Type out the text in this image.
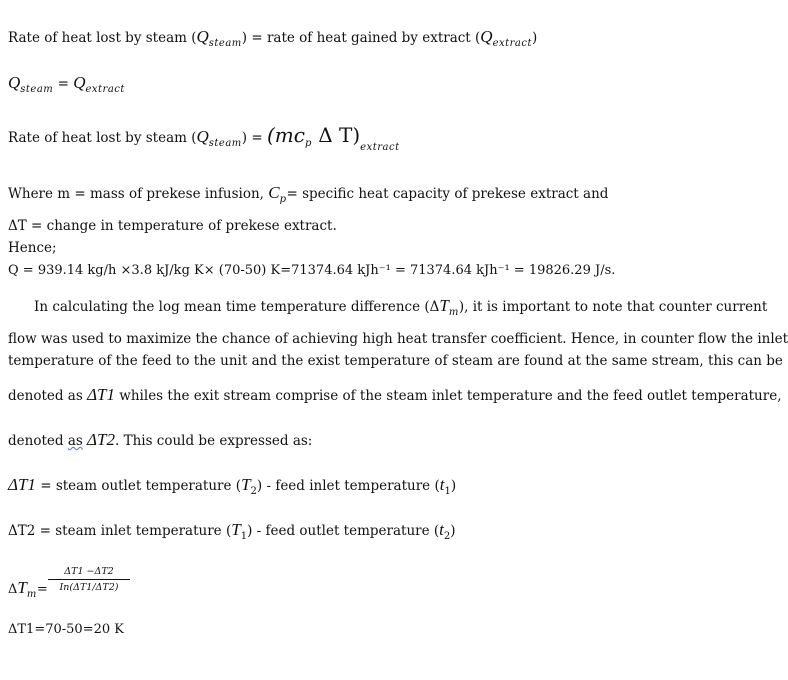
Rate of heat lost by steam $(Q_{steam})$ = rate of heat gained by extract $(Q_{extract})$
$Q_{steam} = Q_{extract}$
Rate of heat lost by steam $(Q_{steam}) = (mc_p$ Δ $T)_{extract}$
Where m = mass of prekese infusion, $C_p=$ specific heat capacity of prekese extract and
ΔT = change in temperature of prekese extract.
Hence;
Q = 939.14 kg/h ×3.8 kJ/kg K× (70-50) K=71374.64 kJh⁻¹ = 71374.64 kJh⁻¹ = 19826.29 J/s.
In calculating the log mean time temperature difference $(\Delta T_m)$, it is important to note that counter current
flow was used to maximize the chance of achieving high heat transfer coefficient. Hence, in counter flow the inlet
temperature of the feed to the unit and the exist temperature of steam are found at the same stream, this can be
denoted as ΔT1 whiles the exit stream comprise of the steam inlet temperature and the feed outlet temperature,
denoted as ΔT2. This could be expressed as:
ΔT1 = steam outlet temperature $(T_2)$ - feed inlet temperature $(t_1)$
ΔT2 = steam inlet temperature $(T_1)$ - feed outlet temperature $(t_2)$
$\Delta T_m=$
ΔT1 −ΔT2
In(ΔT1/ΔT2)
ΔT1=70-50=20 K
